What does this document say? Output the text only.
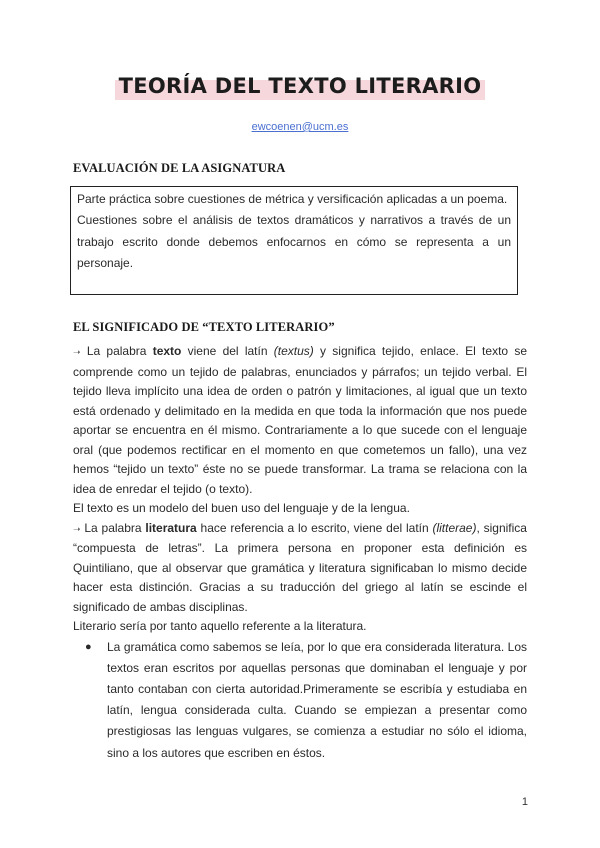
TEORÍA DEL TEXTO LITERARIO
ewcoenen@ucm.es
EVALUACIÓN DE LA ASIGNATURA

Parte práctica sobre cuestiones de métrica y versificación aplicadas a un poema.

Cuestiones sobre el análisis de textos dramáticos y narrativos a través de un trabajo escrito donde debemos enfocarnos en cómo se representa a un personaje.

EL SIGNIFICADO DE “TEXTO LITERARIO”

➝ La palabra texto viene del latín (textus) y significa tejido, enlace. El texto se comprende como un tejido de palabras, enunciados y párrafos; un tejido verbal. El tejido lleva implícito una idea de orden o patrón y limitaciones, al igual que un texto está ordenado y delimitado en la medida en que toda la información que nos puede aportar se encuentra en él mismo. Contrariamente a lo que sucede con el lenguaje oral (que podemos rectificar en el momento en que cometemos un fallo), una vez hemos “tejido un texto” éste no se puede transformar. La trama se relaciona con la idea de enredar el tejido (o texto).

El texto es un modelo del buen uso del lenguaje y de la lengua.

➝ La palabra literatura hace referencia a lo escrito, viene del latín (litterae), significa “compuesta de letras”. La primera persona en proponer esta definición es Quintiliano, que al observar que gramática y literatura significaban lo mismo decide hacer esta distinción. Gracias a su traducción del griego al latín se escinde el significado de ambas disciplinas.

Literario sería por tanto aquello referente a la literatura.

● La gramática como sabemos se leía, por lo que era considerada literatura. Los textos eran escritos por aquellas personas que dominaban el lenguaje y por tanto contaban con cierta autoridad.Primeramente se escribía y estudiaba en latín, lengua considerada culta. Cuando se empiezan a presentar como prestigiosas las lenguas vulgares, se comienza a estudiar no sólo el idioma, sino a los autores que escriben en éstos.
1
